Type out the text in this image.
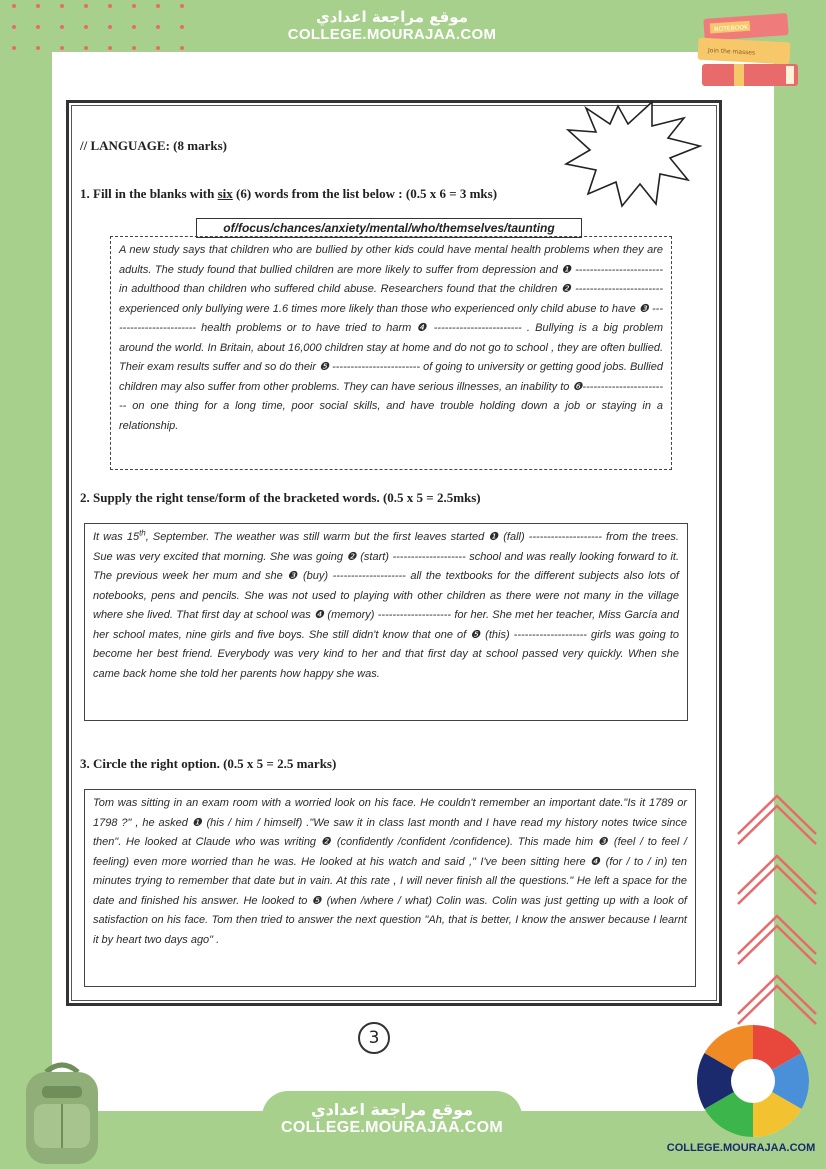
موقع مراجعة اعدادي
COLLEGE.MOURAJAA.COM	NOTEBOOK
Join the masses
// LANGUAGE: (8 marks)
1. Fill in the blanks with six (6) words from the list below : (0.5 x 6 = 3 mks)
of/focus/chances/anxiety/mental/who/themselves/taunting

A new study says that children who are bullied by other kids could have mental health problems when they are adults. The study found that bullied children are more likely to suffer from depression and ❶ ------------------------ in adulthood than children who suffered child abuse. Researchers found that the children ❷ ------------------------ experienced only bullying were 1.6 times more likely than those who experienced only child abuse to have ❸ ------------------------ health problems or to have tried to harm ❹ ------------------------ . Bullying is a big problem around the world. In Britain, about 16,000 children stay at home and do not go to school , they are often bullied. Their exam results suffer and so do their ❺ ------------------------ of going to university or getting good jobs. Bullied children may also suffer from other problems. They can have serious illnesses, an inability to ❻------------------------ on one thing for a long time, poor social skills, and have trouble holding down a job or staying in a relationship.

2. Supply the right tense/form of the bracketed words. (0.5 x 5 = 2.5mks)

It was 15th, September. The weather was still warm but the first leaves started ❶ (fall) -------------------- from the trees. Sue was very excited that morning. She was going ❷ (start) -------------------- school and was really looking forward to it. The previous week her mum and she ❸ (buy) -------------------- all the textbooks for the different subjects also lots of notebooks, pens and pencils. She was not used to playing with other children as there were not many in the village where she lived. That first day at school was ❹ (memory) -------------------- for her. She met her teacher, Miss García and her school mates, nine girls and five boys. She still didn't know that one of ❺ (this) -------------------- girls was going to become her best friend. Everybody was very kind to her and that first day at school passed very quickly. When she came back home she told her parents how happy she was.

3. Circle the right option. (0.5 x 5 = 2.5 marks)

Tom was sitting in an exam room with a worried look on his face. He couldn't remember an important date."Is it 1789 or 1798 ?" , he asked ❶ (his / him / himself) ."We saw it in class last month and I have read my history notes twice since then". He looked at Claude who was writing ❷ (confidently /confident /confidence). This made him ❸ (feel / to feel / feeling) even more worried than he was. He looked at his watch and said ," I've been sitting here ❹ (for / to / in) ten minutes trying to remember that date but in vain. At this rate , I will never finish all the questions." He left a space for the date and finished his answer. He looked to ❺ (when /where / what) Colin was. Colin was just getting up with a look of satisfaction on his face. Tom then tried to answer the next question "Ah, that is better, I know the answer because I learnt it by heart two days ago" .

3
موقع مراجعة اعدادي
COLLEGE.MOURAJAA.COM
COLLEGE.MOURAJAA.COM
